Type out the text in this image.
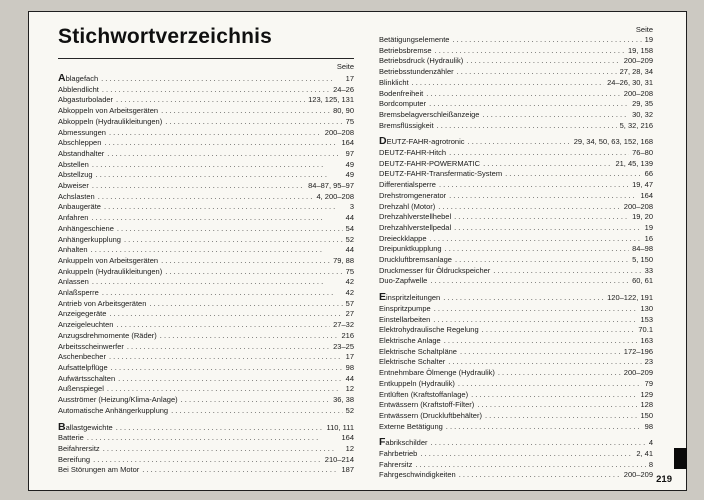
Stichwortverzeichnis
Seite
Seite
Ablagefach . .	17
Abblendlicht . .	24–26
Abgasturbolader . .	123, 125, 131
Abkoppeln von Arbeitsgeräten . .	80, 90
Abkoppeln (Hydraulikleitungen) . .	75
Abmessungen . .	200–208
Abschleppen . .	164
Abstandhalter . .	97
Abstellen . .	49
Abstellzug . .	49
Abweiser . .	84–87, 95–97
Achslasten . .	4, 200–208
Anbaugeräte . .	3
Anfahren . .	44
Anhängeschiene . .	54
Anhängerkupplung . .	52
Anhalten . .	44
Ankuppeln von Arbeitsgeräten . .	79, 88
Ankuppeln (Hydraulikleitungen) . .	75
Anlassen . .	42
Anlaßsperre . .	42
Antrieb von Arbeitsgeräten . .	57
Anzeigegeräte . .	27
Anzeigeleuchten . .	27–32
Anzugsdrehmomente (Räder) . .	216
Arbeitsscheinwerfer . .	23–25
Aschenbecher . .	17
Aufsattelpflüge . .	98
Aufwärtsschalten . .	44
Außenspiegel . .	12
Ausströmer (Heizung/Klima-Anlage) . .	36, 38
Automatische Anhängerkupplung . .	52
Ballastgewichte . .	110, 111
Batterie . .	164
Beifahrersitz . .	12
Bereifung . .	210–214
Bei Störungen am Motor . .	187
Betätigungselemente . .	19
Betriebsbremse . .	19, 158
Betriebsdruck (Hydraulik) . .	200–209
Betriebsstundenzähler . .	27, 28, 34
Blinklicht . .	24–26, 30, 31
Bodenfreiheit . .	200–208
Bordcomputer . .	29, 35
Bremsbelagverschleißanzeige . .	30, 32
Bremsflüssigkeit . .	5, 32, 216
DEUTZ-FAHR-agrotronic . .	29, 34, 50, 63, 152, 168
DEUTZ-FAHR-Hitch . .	76–80
DEUTZ-FAHR-POWERMATIC . .	21, 45, 139
DEUTZ-FAHR-Transfermatic-System . .	66
Differentialsperre . .	19, 47
Drehstromgenerator . .	164
Drehzahl (Motor) . .	200–208
Drehzahlverstellhebel . .	19, 20
Drehzahlverstellpedal . .	19
Dreieckklappe . .	16
Dreipunktkupplung . .	84–98
Druckluftbremsanlage . .	5, 150
Druckmesser für Öldruckspeicher . .	33
Duo-Zapfwelle . .	60, 61
Einspritzleitungen . .	120–122, 191
Einspritzpumpe . .	130
Einstellarbeiten . .	153
Elektrohydraulische Regelung . .	70.1
Elektrische Anlage . .	163
Elektrische Schaltpläne . .	172–196
Elektrische Schalter . .	23
Entnehmbare Ölmenge (Hydraulik) . .	200–209
Entkuppeln (Hydraulik) . .	79
Entlüften (Kraftstoffanlage) . .	129
Entwässern (Kraftstoff-Filter) . .	128
Entwässern (Druckluftbehälter) . .	150
Externe Betätigung . .	98
Fabrikschilder . .	4
Fahrbetrieb . .	2, 41
Fahrersitz . .	8
Fahrgeschwindigkeiten . .	200–209 219
